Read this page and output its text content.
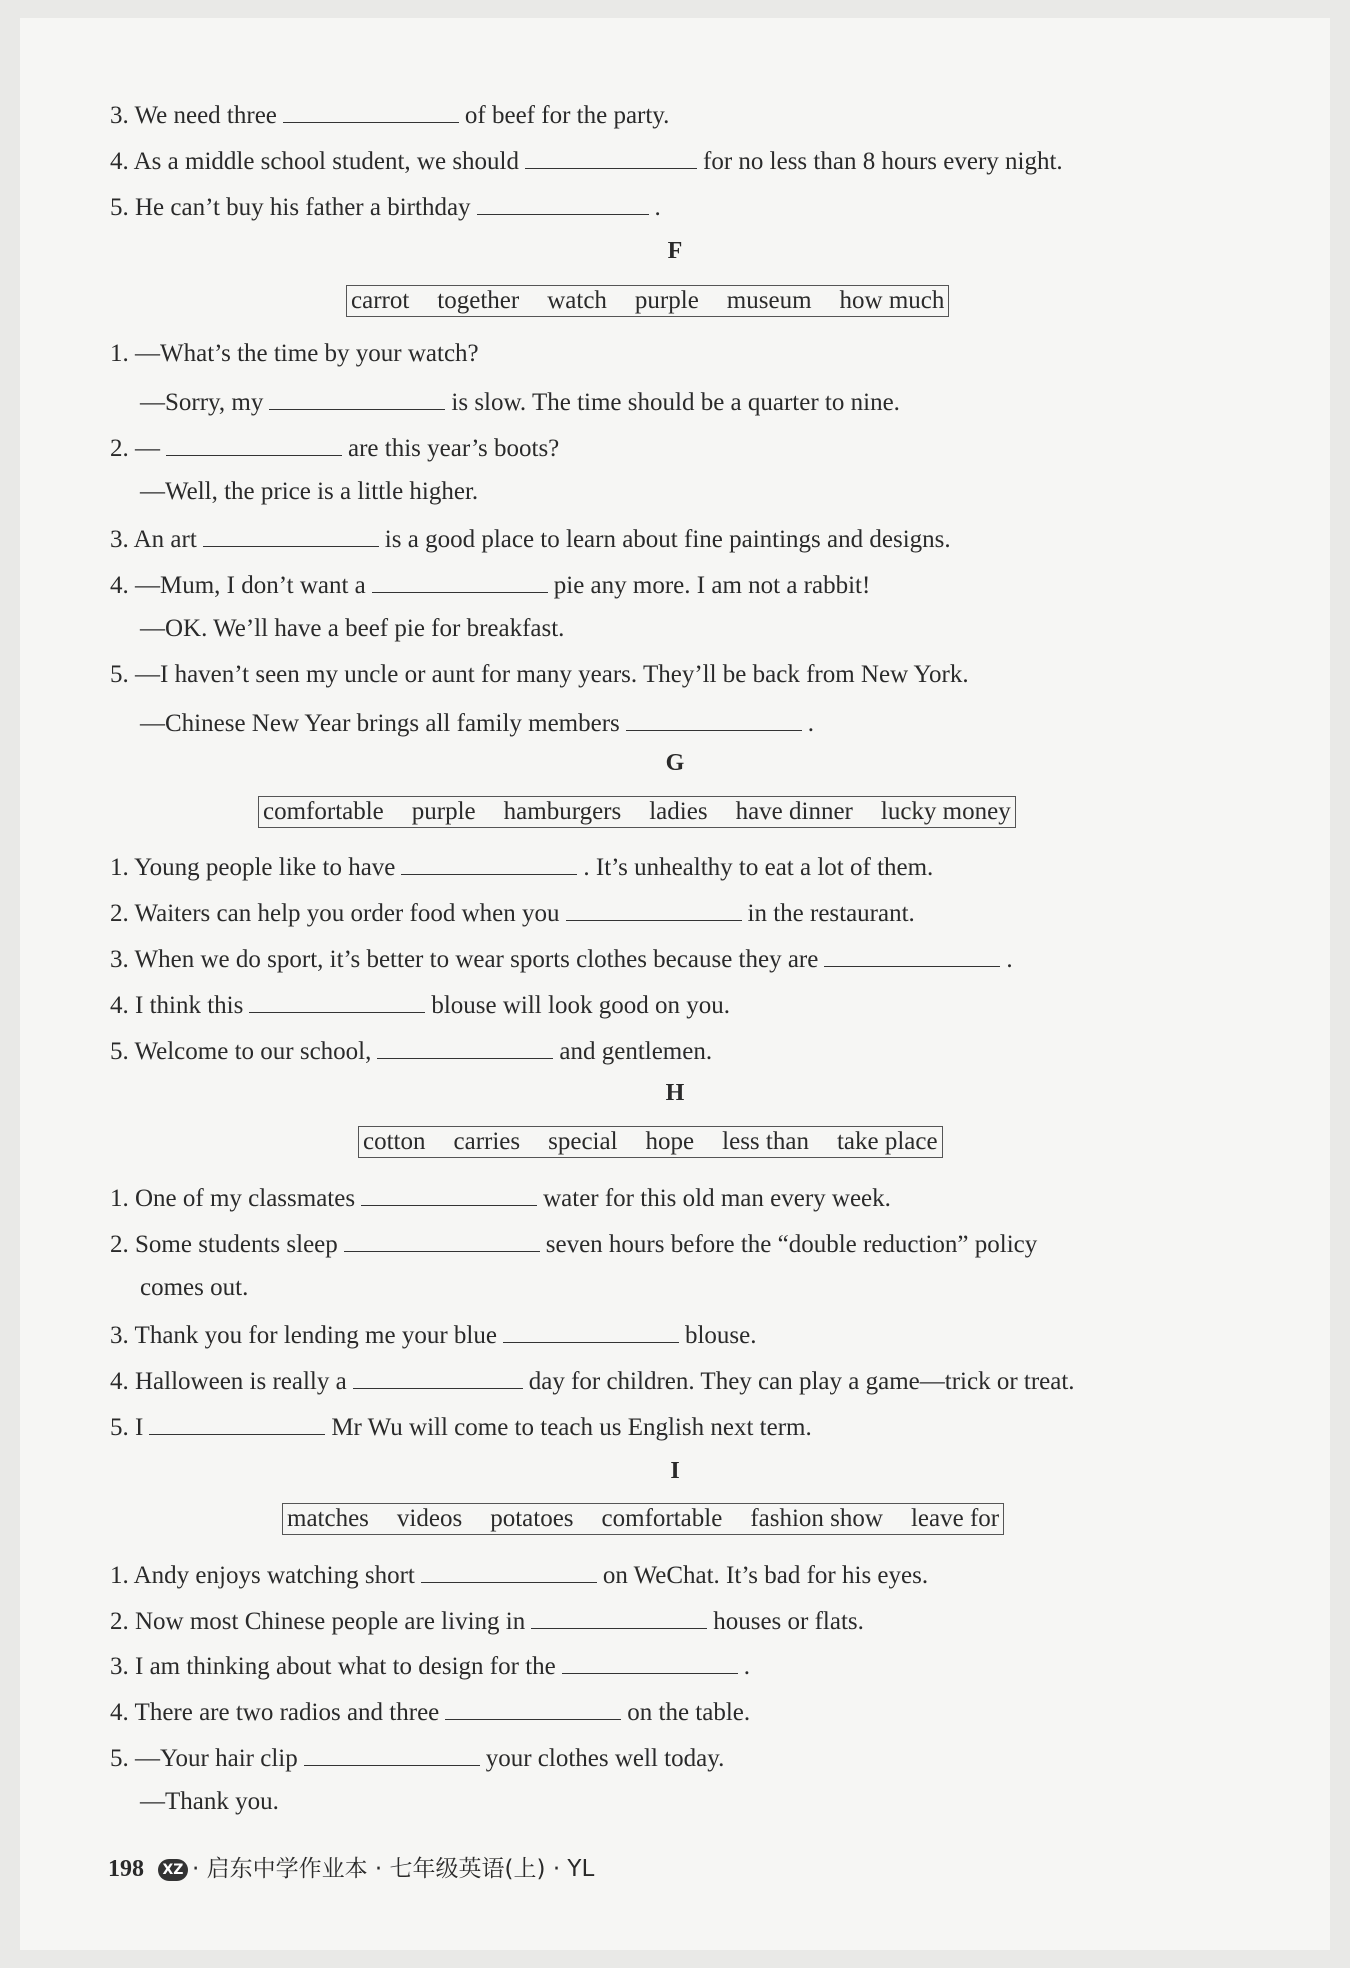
3. We need three	of beef for the party.
4. As a middle school student, we should	for no less than 8 hours every night.
5. He can’t buy his father a birthday	.
F
carrot together watch purple museum how much
1. —What’s the time by your watch?
—Sorry, my	is slow. The time should be a quarter to nine.
2. —	are this year’s boots?
—Well, the price is a little higher.
3. An art	is a good place to learn about fine paintings and designs.
4. —Mum, I don’t want a	pie any more. I am not a rabbit!
—OK. We’ll have a beef pie for breakfast.
5. —I haven’t seen my uncle or aunt for many years. They’ll be back from New York.
—Chinese New Year brings all family members	.
G
comfortable purple hamburgers ladies have dinner lucky money
1. Young people like to have	. It’s unhealthy to eat a lot of them.
2. Waiters can help you order food when you	in the restaurant.
3. When we do sport, it’s better to wear sports clothes because they are	.
4. I think this	blouse will look good on you.
5. Welcome to our school,	and gentlemen.
H
cotton carries special hope less than take place
1. One of my classmates	water for this old man every week.
2. Some students sleep	seven hours before the “double reduction” policy
comes out.
3. Thank you for lending me your blue	blouse.
4. Halloween is really a	day for children. They can play a game—trick or treat.
5. I	Mr Wu will come to teach us English next term.
I
matches videos potatoes comfortable fashion show leave for
1. Andy enjoys watching short	on WeChat. It’s bad for his eyes.
2. Now most Chinese people are living in	houses or flats.
3. I am thinking about what to design for the	.
4. There are two radios and three	on the table.
5. —Your hair clip	your clothes well today.
—Thank you.
198 XZ · 启东中学作业本 · 七年级英语(上) · YL
